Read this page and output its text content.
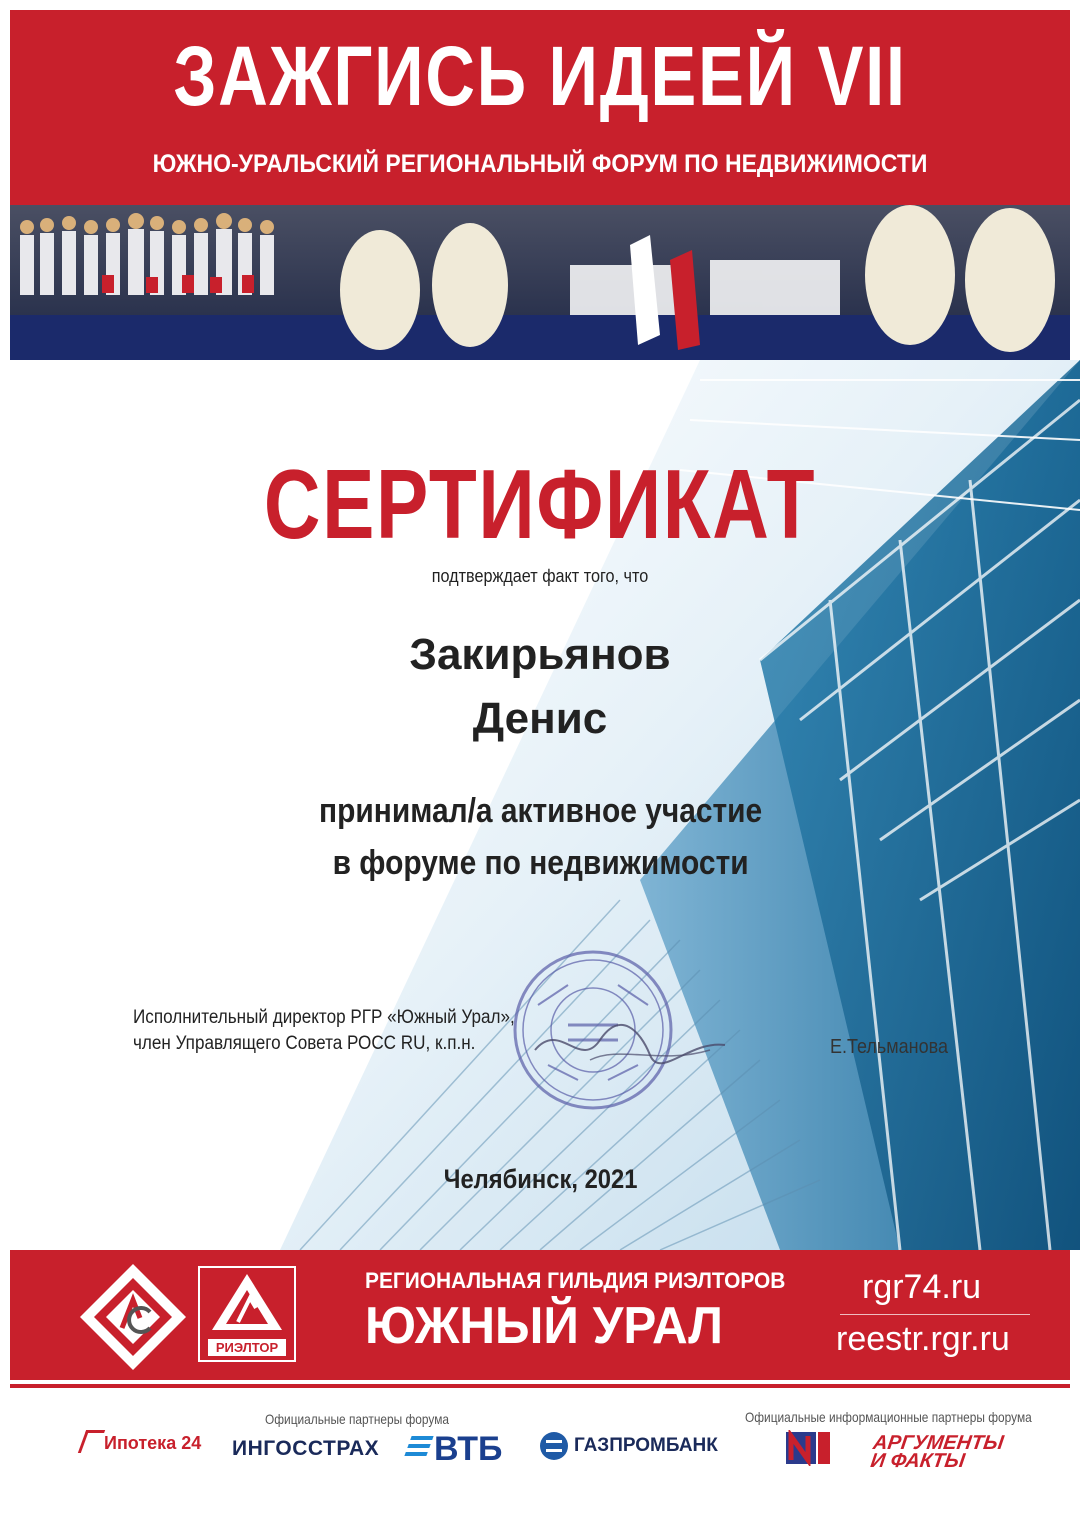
ЗАЖГИСЬ ИДЕЕЙ VII
ЮЖНО-УРАЛЬСКИЙ РЕГИОНАЛЬНЫЙ ФОРУМ ПО НЕДВИЖИМОСТИ
СЕРТИФИКАТ
подтверждает факт того, что
Закирьянов
Денис
принимал/а активное участие
в форуме по недвижимости
Исполнительный директор РГР «Южный Урал»,
член Управлящего Совета РОСС RU, к.п.н.	Е.Тельманова
Челябинск, 2021
РИЭЛТОР
РЕГИОНАЛЬНАЯ ГИЛЬДИЯ РИЭЛТОРОВ
ЮЖНЫЙ УРАЛ
rgr74.ru
reestr.rgr.ru
Официальные партнеры форума	Официальные информационные партнеры форума
Ипотека 24 ИНГОССТРАХ	ВТБ	ГАЗПРОМБАНК	АРГУМЕНТЫ
И ФАКТЫ
